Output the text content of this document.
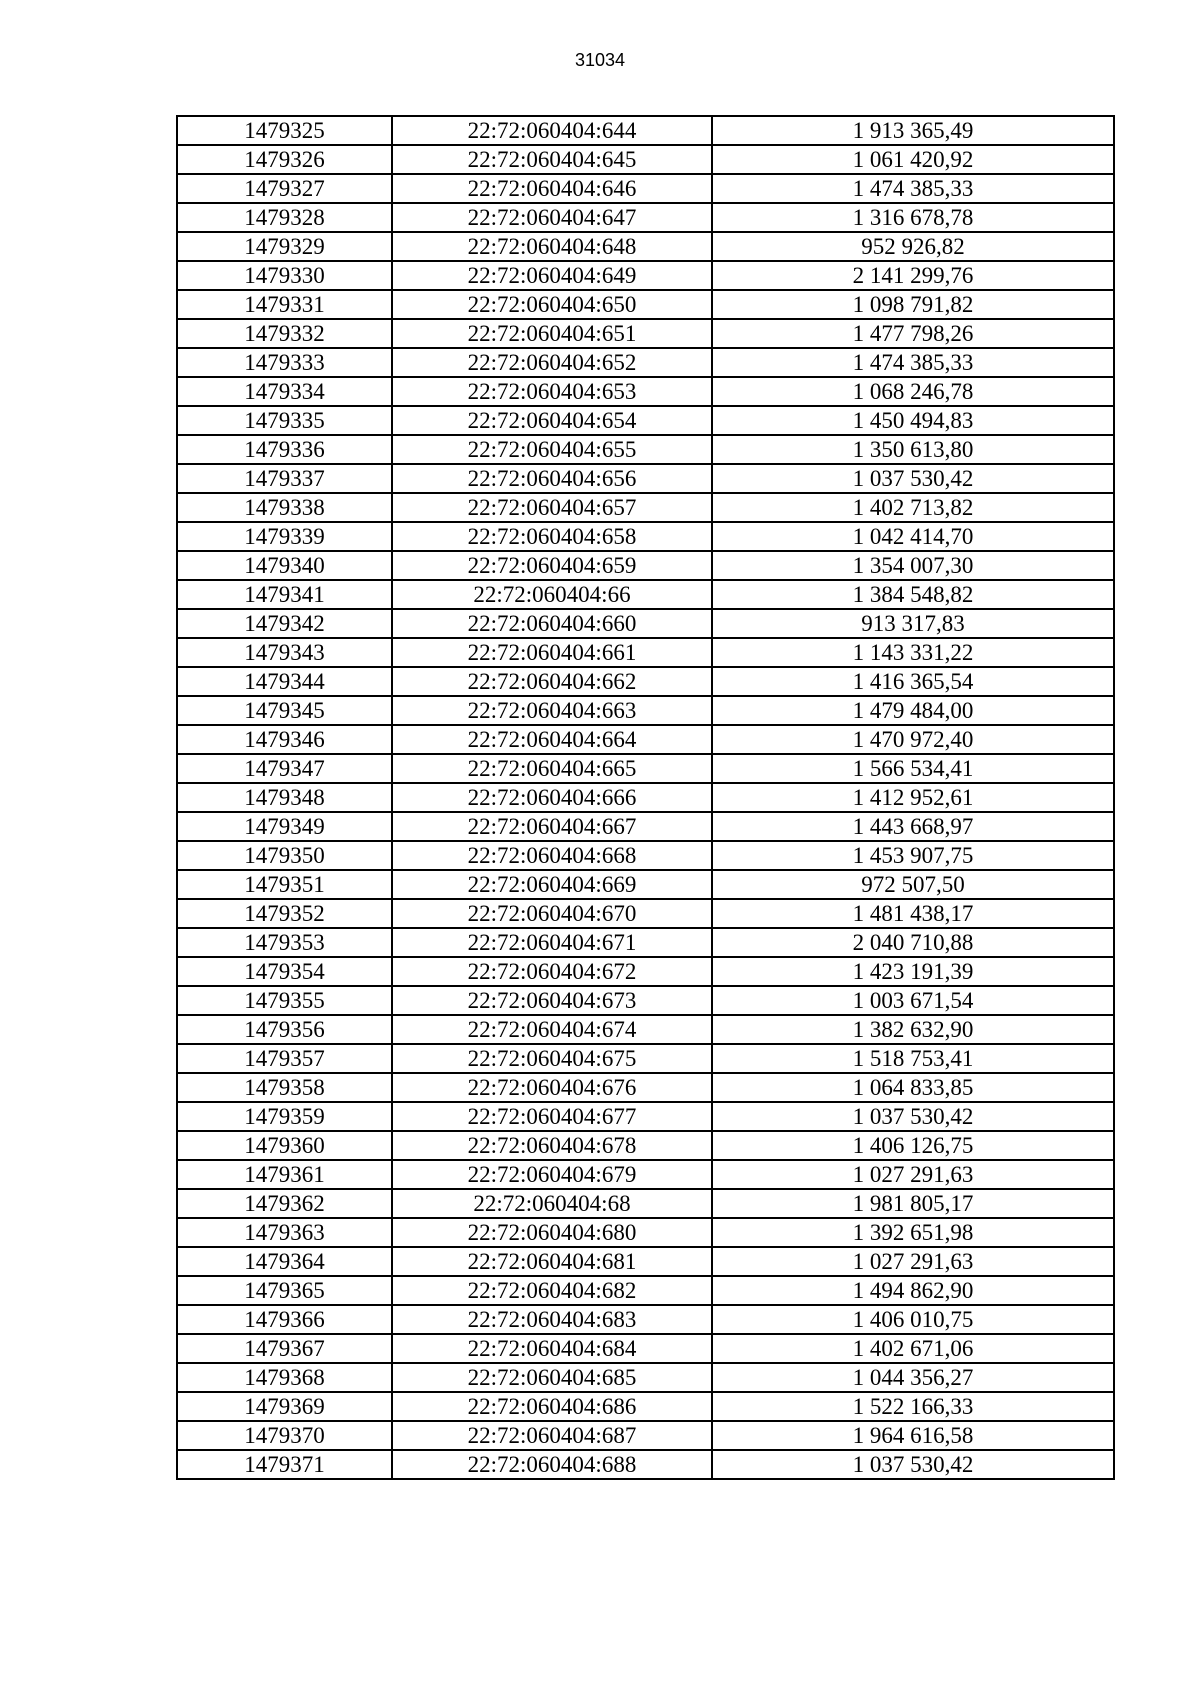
31034
1479325	22:72:060404:644	1 913 365,49
1479326	22:72:060404:645	1 061 420,92
1479327	22:72:060404:646	1 474 385,33
1479328	22:72:060404:647	1 316 678,78
1479329	22:72:060404:648	952 926,82
1479330	22:72:060404:649	2 141 299,76
1479331	22:72:060404:650	1 098 791,82
1479332	22:72:060404:651	1 477 798,26
1479333	22:72:060404:652	1 474 385,33
1479334	22:72:060404:653	1 068 246,78
1479335	22:72:060404:654	1 450 494,83
1479336	22:72:060404:655	1 350 613,80
1479337	22:72:060404:656	1 037 530,42
1479338	22:72:060404:657	1 402 713,82
1479339	22:72:060404:658	1 042 414,70
1479340	22:72:060404:659	1 354 007,30
1479341	22:72:060404:66	1 384 548,82
1479342	22:72:060404:660	913 317,83
1479343	22:72:060404:661	1 143 331,22
1479344	22:72:060404:662	1 416 365,54
1479345	22:72:060404:663	1 479 484,00
1479346	22:72:060404:664	1 470 972,40
1479347	22:72:060404:665	1 566 534,41
1479348	22:72:060404:666	1 412 952,61
1479349	22:72:060404:667	1 443 668,97
1479350	22:72:060404:668	1 453 907,75
1479351	22:72:060404:669	972 507,50
1479352	22:72:060404:670	1 481 438,17
1479353	22:72:060404:671	2 040 710,88
1479354	22:72:060404:672	1 423 191,39
1479355	22:72:060404:673	1 003 671,54
1479356	22:72:060404:674	1 382 632,90
1479357	22:72:060404:675	1 518 753,41
1479358	22:72:060404:676	1 064 833,85
1479359	22:72:060404:677	1 037 530,42
1479360	22:72:060404:678	1 406 126,75
1479361	22:72:060404:679	1 027 291,63
1479362	22:72:060404:68	1 981 805,17
1479363	22:72:060404:680	1 392 651,98
1479364	22:72:060404:681	1 027 291,63
1479365	22:72:060404:682	1 494 862,90
1479366	22:72:060404:683	1 406 010,75
1479367	22:72:060404:684	1 402 671,06
1479368	22:72:060404:685	1 044 356,27
1479369	22:72:060404:686	1 522 166,33
1479370	22:72:060404:687	1 964 616,58
1479371	22:72:060404:688	1 037 530,42
